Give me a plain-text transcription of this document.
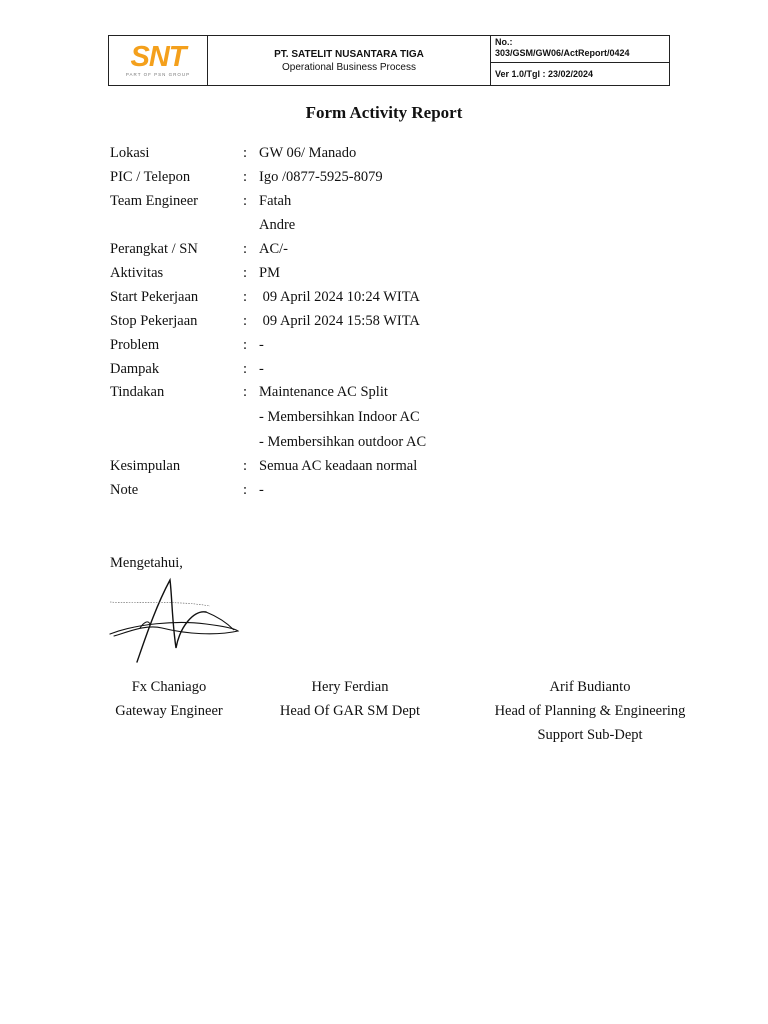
SNT
PART OF PSN GROUP
PT. SATELIT NUSANTARA TIGA
Operational Business Process
No.:
303/GSM/GW06/ActReport/0424
Ver 1.0/Tgl : 23/02/2024
Form Activity Report
Lokasi	: GW 06/ Manado
PIC / Telepon	: Igo /0877-5925-8079
Team Engineer	: Fatah
Andre
Perangkat / SN	: AC/-
Aktivitas	: PM
Start Pekerjaan	: 09 April 2024 10:24 WITA
Stop Pekerjaan	: 09 April 2024 15:58 WITA
Problem	: -
Dampak	: -
Tindakan	: Maintenance AC Split
- Membersihkan Indoor AC
- Membersihkan outdoor AC
Kesimpulan	: Semua AC keadaan normal
Note	: -
Mengetahui,
Fx Chaniago
Gateway Engineer
Hery Ferdian
Head Of GAR SM Dept
Arif Budianto
Head of Planning & Engineering
Support Sub-Dept
